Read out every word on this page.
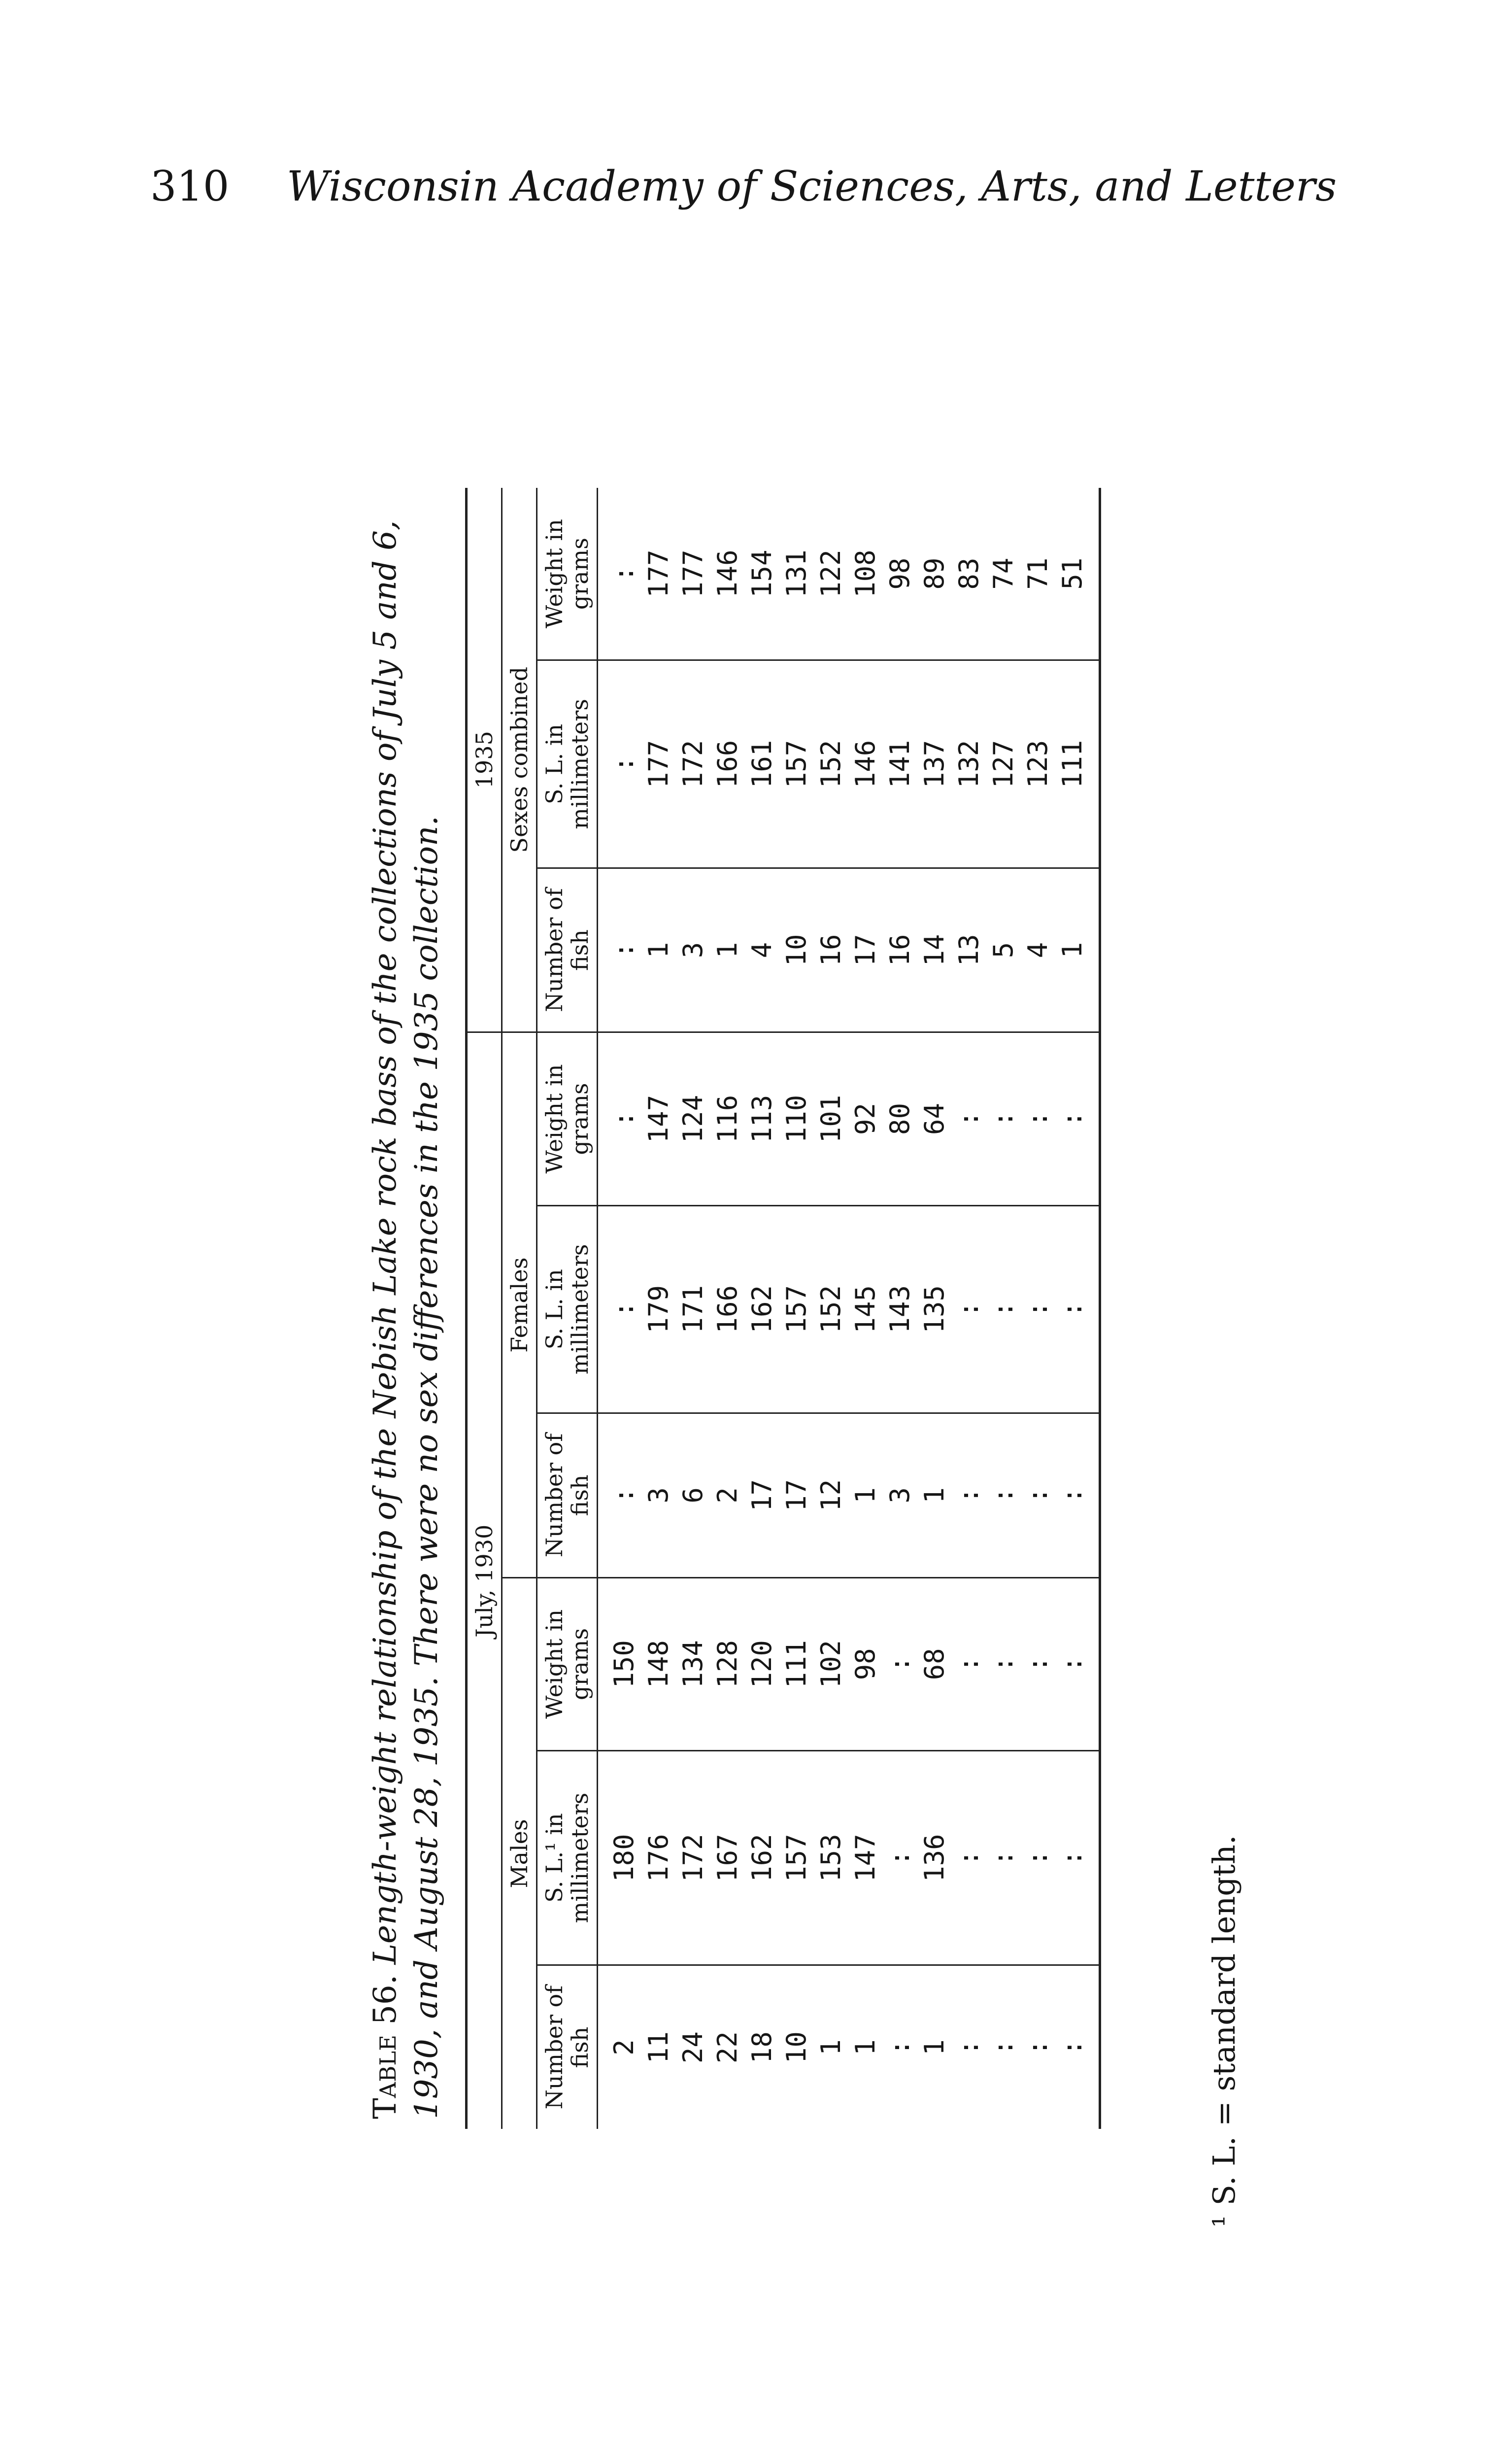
310 Wisconsin Academy of Sciences, Arts, and Letters
Table 56. Length-weight relationship of the Nebish Lake rock bass of the collections of July 5 and 6, 1930, and August 28, 1935. There were no sex differences in the 1935 collection. July, 1930						1935		
Males			Females			Sexes combined		
Number of fish	S. L.¹ in millimeters	Weight in grams	Number of fish	S. L. in millimeters	Weight in grams	Number of fish	S. L. in millimeters	Weight in grams
2	180	150	:	:	:	:	:	:
11	176	148	3	179	147	1	177	177
24	172	134	6	171	124	3	172	177
22	167	128	2	166	116	1	166	146
18	162	120	17	162	113	4	161	154
10	157	111	17	157	110	10	157	131
1	153	102	12	152	101	16	152	122
1	147	98	1	145	92	17	146	108
:	:	:	3	143	80	16	141	98
1	136	68	1	135	64	14	137	89
:	:	:	:	:	:	13	132	83
:	:	:	:	:	:	5	127	74
:	:	:	:	:	:	4	123	71
:	:	:	:	:	:	1	111	51
¹ S. L. = standard length.
